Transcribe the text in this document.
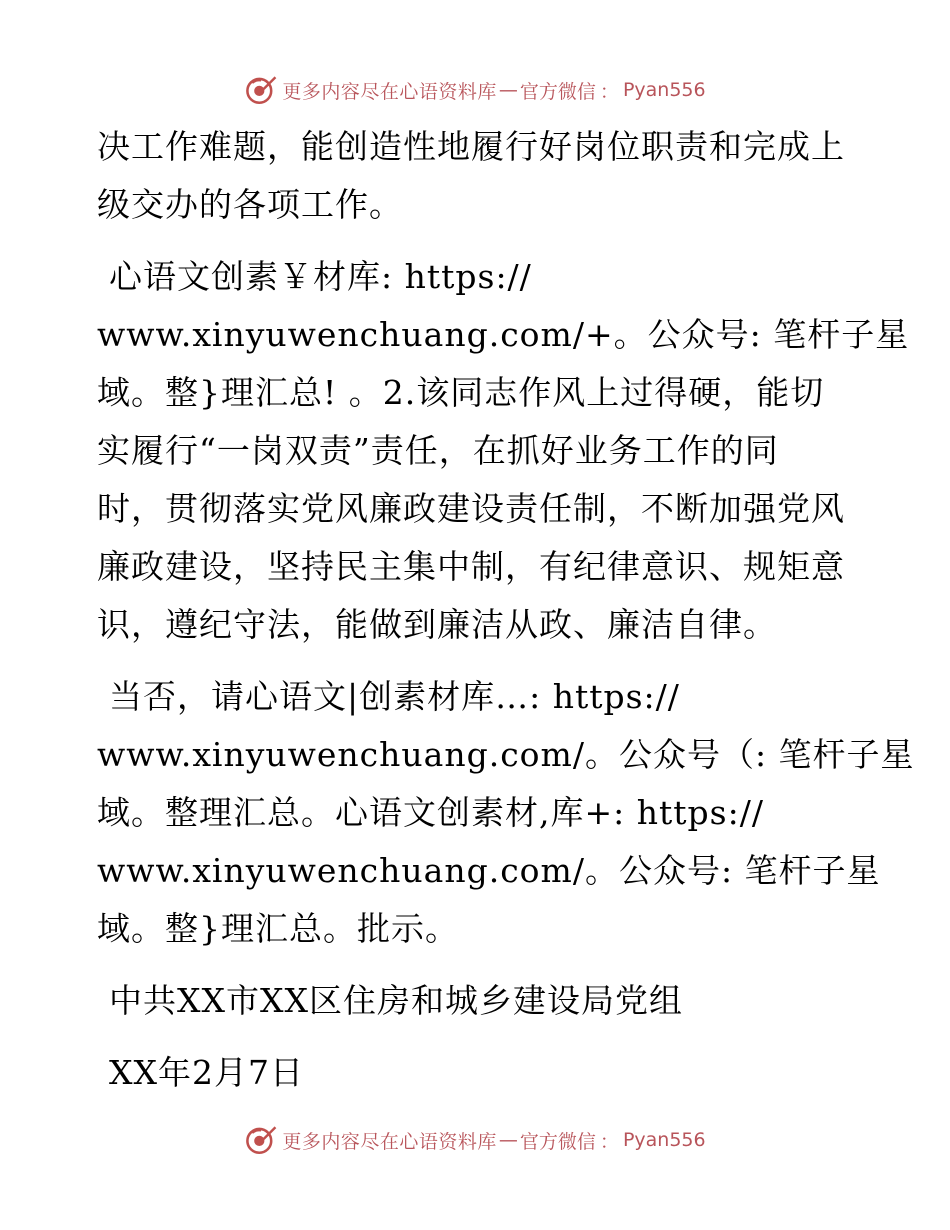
更多内容尽在心语资料库 — 官方微信 ： Pyan556
决工作难题，能创造性地履行好岗位职责和完成上
级交办的各项工作。
心语文创素￥材库: https://
www.xinyuwenchuang.com/+。公众号: 笔杆子星
域。整}理汇总! 。2.该同志作风上过得硬，能切
实履行“一岗双责”责任，在抓好业务工作的同
时，贯彻落实党风廉政建设责任制，不断加强党风
廉政建设，坚持民主集中制，有纪律意识、规矩意
识，遵纪守法，能做到廉洁从政、廉洁自律。
当否，请心语文|创素材库…: https://
www.xinyuwenchuang.com/。公众号（: 笔杆子星
域。整理汇总。心语文创素材,库+: https://
www.xinyuwenchuang.com/。公众号: 笔杆子星
域。整}理汇总。批示。
中共XX市XX区住房和城乡建设局党组
XX年2月7日
更多内容尽在心语资料库 — 官方微信 ： Pyan556
